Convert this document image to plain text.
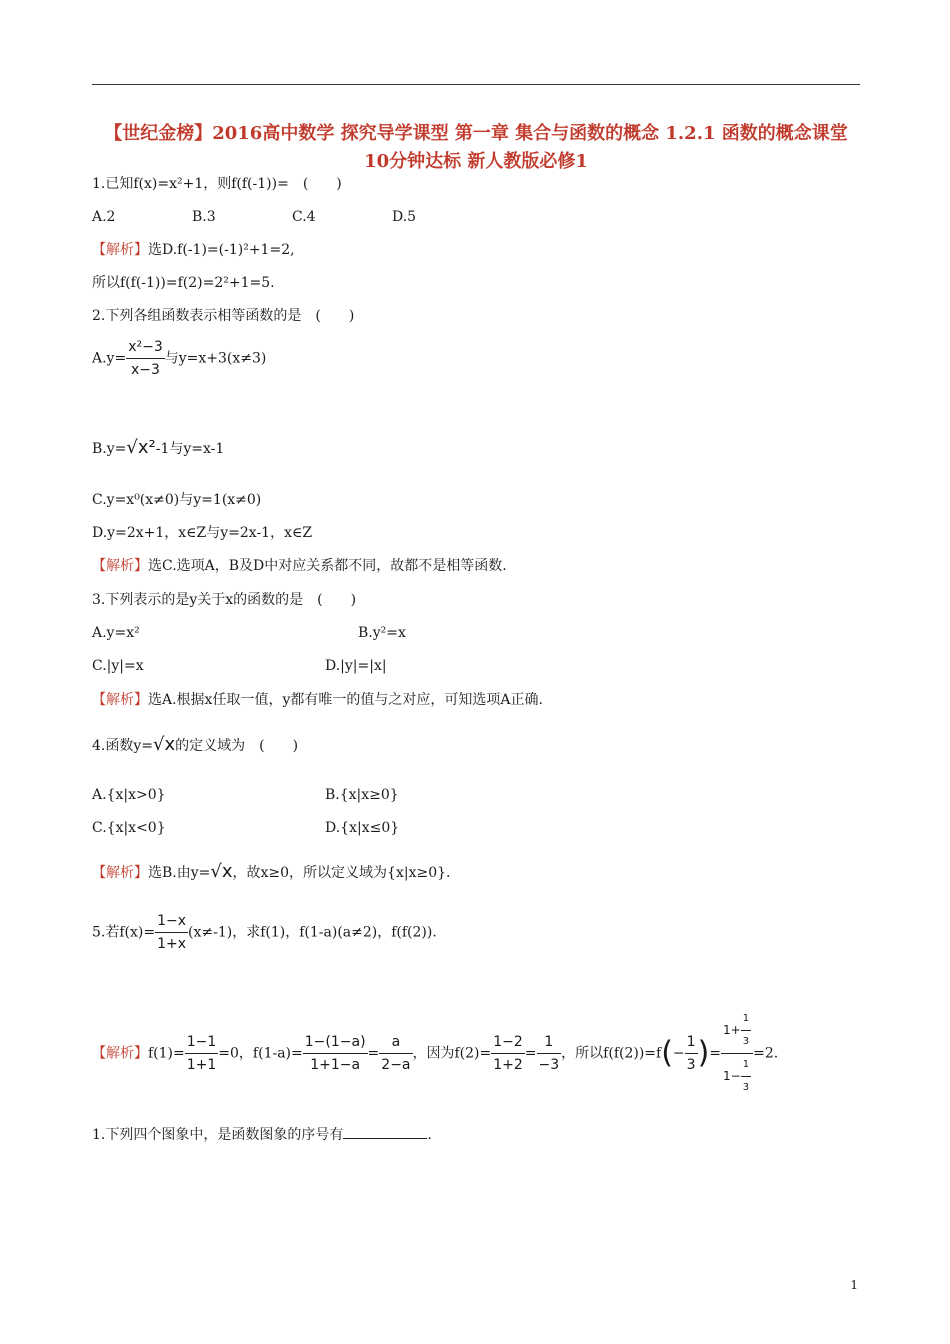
【世纪金榜】2016高中数学 探究导学课型 第一章 集合与函数的概念 1.2.1 函数的概念课堂10分钟达标 新人教版必修1
1.已知f(x)=x²+1，则f(f(-1))=　(　　)
A.2	B.3	C.4	D.5
【解析】选D.f(-1)=(-1)²+1=2,
所以f(f(-1))=f(2)=2²+1=5.
2.下列各组函数表示相等函数的是　(　　)
$A.y= \frac{\text{x²−3}}{x-3}$ 与y=x+3(x≠3)
B.y=√x²-1与y=x-1
C.y=x⁰(x≠0)与y=1(x≠0)
D.y=2x+1，x∈Z与y=2x-1，x∈Z
【解析】选C.选项A，B及D中对应关系都不同，故都不是相等函数.
3.下列表示的是y关于x的函数的是　(　　)
A.y=x²	B.y²=x
C.|y|=x	D.|y|=|x|
【解析】选A.根据x任取一值，y都有唯一的值与之对应，可知选项A正确.
4.函数y=√x的定义域为　(　　)
A.{x|x>0}	B.{x|x≥0}
C.{x|x<0}	D.{x|x≤0}
【解析】选B.由y=√x，故x≥0，所以定义域为{x|x≥0}.
5.若$f(x)= \frac{1-x}{1+x} (x\ne-1)$，求f(1)，f(1-a)(a≠2)，f(f(2)).
【解析】$f(1)= \frac{1-1}{1+1} =0$，$f(1-a)= \frac{1-(1-a)}{1+1-a} = \frac{a}{2-a}$ ，因为$f(2)= \frac{1-2}{1+2} = \frac{1}{-3}$ ，所以$f(f(2))=f(- \frac{1}{3}$ )= $\frac{1+ \frac{1}{3}}{1- \frac{1}{3}} =2$.
1.下列四个图象中，是函数图象的序号有	.
1
